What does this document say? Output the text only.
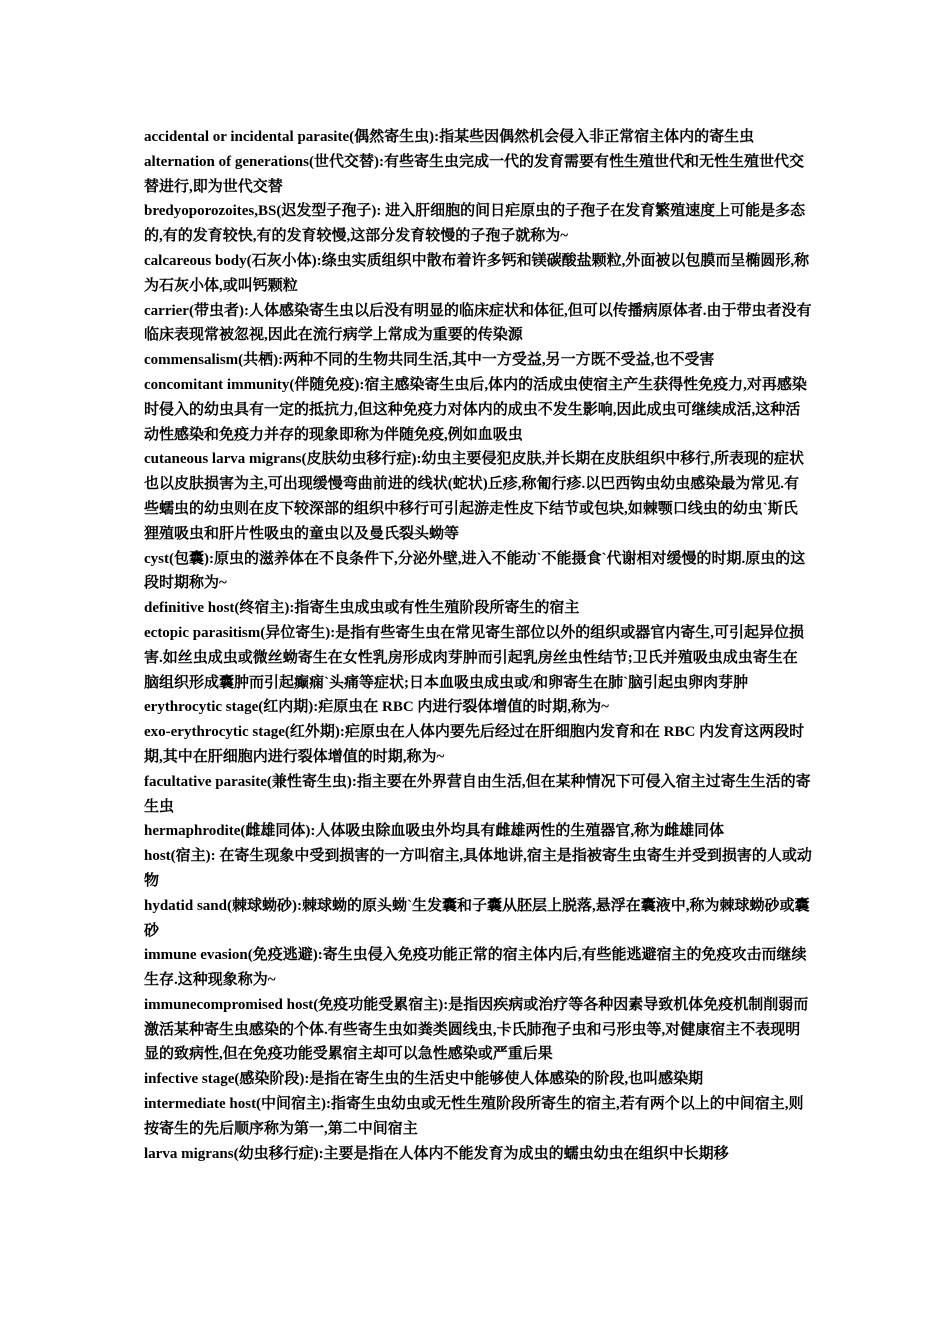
accidental or incidental parasite(偶然寄生虫):指某些因偶然机会侵入非正常宿主体内的寄生虫

alternation of generations(世代交替):有些寄生虫完成一代的发育需要有性生殖世代和无性生殖世代交替进行,即为世代交替

bredyoporozoites,BS(迟发型子孢子): 进入肝细胞的间日疟原虫的子孢子在发育繁殖速度上可能是多态的,有的发育较快,有的发育较慢,这部分发育较慢的子孢子就称为~

calcareous body(石灰小体):绦虫实质组织中散布着许多钙和镁碳酸盐颗粒,外面被以包膜而呈椭圆形,称为石灰小体,或叫钙颗粒

carrier(带虫者):人体感染寄生虫以后没有明显的临床症状和体征,但可以传播病原体者.由于带虫者没有临床表现常被忽视,因此在流行病学上常成为重要的传染源

commensalism(共栖):两种不同的生物共同生活,其中一方受益,另一方既不受益,也不受害

concomitant immunity(伴随免疫):宿主感染寄生虫后,体内的活成虫使宿主产生获得性免疫力,对再感染时侵入的幼虫具有一定的抵抗力,但这种免疫力对体内的成虫不发生影响,因此成虫可继续成活,这种活动性感染和免疫力并存的现象即称为伴随免疫,例如血吸虫

cutaneous larva migrans(皮肤幼虫移行症):幼虫主要侵犯皮肤,并长期在皮肤组织中移行,所表现的症状也以皮肤损害为主,可出现缓慢弯曲前进的线状(蛇状)丘疹,称匍行疹.以巴西钩虫幼虫感染最为常见.有些蠕虫的幼虫则在皮下较深部的组织中移行可引起游走性皮下结节或包块,如棘颚口线虫的幼虫`斯氏狸殖吸虫和肝片性吸虫的童虫以及曼氏裂头蚴等

cyst(包囊):原虫的滋养体在不良条件下,分泌外壁,进入不能动`不能摄食`代谢相对缓慢的时期.原虫的这段时期称为~

definitive host(终宿主):指寄生虫成虫或有性生殖阶段所寄生的宿主

ectopic parasitism(异位寄生):是指有些寄生虫在常见寄生部位以外的组织或器官内寄生,可引起异位损害.如丝虫成虫或微丝蚴寄生在女性乳房形成肉芽肿而引起乳房丝虫性结节;卫氏并殖吸虫成虫寄生在脑组织形成囊肿而引起癫痫`头痛等症状;日本血吸虫成虫或/和卵寄生在肺`脑引起虫卵肉芽肿

erythrocytic stage(红内期):疟原虫在 RBC 内进行裂体增值的时期,称为~

exo-erythrocytic stage(红外期):疟原虫在人体内要先后经过在肝细胞内发育和在 RBC 内发育这两段时期,其中在肝细胞内进行裂体增值的时期,称为~

facultative parasite(兼性寄生虫):指主要在外界营自由生活,但在某种情况下可侵入宿主过寄生生活的寄生虫

hermaphrodite(雌雄同体):人体吸虫除血吸虫外均具有雌雄两性的生殖器官,称为雌雄同体

host(宿主): 在寄生现象中受到损害的一方叫宿主,具体地讲,宿主是指被寄生虫寄生并受到损害的人或动物

hydatid sand(棘球蚴砂):棘球蚴的原头蚴`生发囊和子囊从胚层上脱落,悬浮在囊液中,称为棘球蚴砂或囊砂

immune evasion(免疫逃避):寄生虫侵入免疫功能正常的宿主体内后,有些能逃避宿主的免疫攻击而继续生存.这种现象称为~

immunecompromised host(免疫功能受累宿主):是指因疾病或治疗等各种因素导致机体免疫机制削弱而激活某种寄生虫感染的个体.有些寄生虫如粪类圆线虫,卡氏肺孢子虫和弓形虫等,对健康宿主不表现明显的致病性,但在免疫功能受累宿主却可以急性感染或严重后果

infective stage(感染阶段):是指在寄生虫的生活史中能够使人体感染的阶段,也叫感染期

intermediate host(中间宿主):指寄生虫幼虫或无性生殖阶段所寄生的宿主,若有两个以上的中间宿主,则按寄生的先后顺序称为第一,第二中间宿主

larva migrans(幼虫移行症):主要是指在人体内不能发育为成虫的蠕虫幼虫在组织中长期移
